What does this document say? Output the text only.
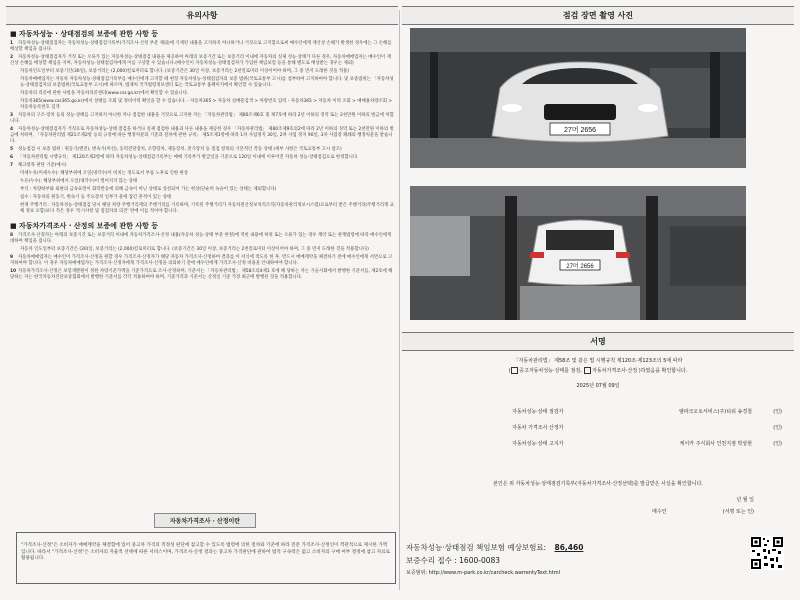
유의사항
■ 자동차성능 · 상태점검의 보증에 관한 사항 등
1 자동차성능·상태점검자는 자동차성능·상태점검기록부(가격조사·산정 부분 제외)에 기재된 내용을 고지하지 아니하거나 거짓으로 고지함으로써 매수인에게 재산상 손해가 발생한 경우에는 그 손해를 배상할 책임을 집니다.
2 자동차성능·상태점검자가 거짓 또는 오류가 있는 자동차성능·상태점검 내용을 제공하여 아래의 보증기간 또는 보증거리 이내에 자동차의 실제 성능·상태가 다른 경우, 자동차매매업자는 매수인이 재산상 손해를 배상할 책임을 지며, 자동차성능·상태점검자에게 이를 구상할 수 있습니다.(매수인이 자동차성능·상태점검자가 가입한 책임보험 등을 통해 별도로 배상받는 경우는 제외)
자동차인도일부터 보증기간(30일), 보증거리는 (2,000)킬로미터로 합니다. (보증기간은 30일 이상, 보증거리는 2천킬로미터 이상이어야 하며, 그 중 먼저 도래한 것을 적용)
자동차매매업자는 자동차 자동차성능·상태점검기록부를 매수인에게 고지할 때 현장 자동차성능·상태점검자의 보증 범위(국토교통부 고시)를 첨부하여 고지하여야 합니다. 및 보증범위는 「자동차성능·상태점검자의 보증범위(국토교통부 고시)에 따르며, 법제처 국가법령정보센터 또는 국토교통부 홈페이지에서 확인할 수 있습니다.
자동차의 리콜에 관한 사항을 자동차리콜센터(www.car.go.kr)에서 확인할 수 있습니다.
자동차365(www.car365.go.kr)에서 상태를 조회 및 정비이력 확인을 할 수 있습니다. - 자동차365 > 자동차 실매물검색 > 차량번호 입력 - 자동차365 > 자동차 이력 조회 > 매매용차량조회 > 자동차등록번호 검색
3 자동차의 구조·장치 등의 성능·상태를 고지하지 아니한 자나 점검한 내용을 거짓으로 고지한 자는 「자동차관리법」 제80조제6호 및 제7호에 따라 2년 이하의 징역 또는 2천만원 이하의 벌금에 처합니다.
4 자동차성능·상태점검자가 거짓으로 자동차성능·상태 점검을 하거나 실제 점검한 내용과 다른 내용을 제공한 경우 「자동차관리법」 제80조제9호의2에 따라 2년 이하의 징역 또는 2천만원 이하의 벌금에 처하며, 「자동차관리법 제21조제2항 등의 규정에 따른 행정처분의 기준과 절차에 관한 규칙」 제5조제1항에 따라 1차 사업정지 30일, 2차 사업 정지 90일, 3차 사업장 폐쇄의 행정처분을 받습니다.
5 성능점검 시 보증 범위 : 원동기(엔진), 변속기(미션), 동력전달장치, 조향장치, 제동장치, 전기장치 등 점검 항목의 기본적인 작동 상태 (세부 사항은 국토교통부 고시 참조)
6 「자동차관리법 시행규칙」 제120조제2항에 따라 자동차성능·상태점검기록부는 매매 기록부가 발급일을 기준으로 120일 이내에 이루어진 자동차 성능·상태점검으로 한정합니다.
7 체크항목 판단 기준(예시)
미세누유(미세누수): 해당부위에 오일(냉각수)이 비치는 정도로서 부품 노후로 인한 현상
누유(누수): 해당부위에서 오일(냉각수)이 떨어지지 않는 상태
부식 : 차량하부와 외판의 금속표면이 화학반응에 의해 금속이 아닌 상태로 상실되어 가는 현상(단순히 녹슬어 있는 상태는 제외합니다)
침수 : 자동차의 원동기, 변속기 등 주요장치 일부가 물에 잠긴 흔적이 있는 상태
현재 주행거리 : 자동차성능·상태점검 당시 해당 차량 주행거리계의 주행거리를 기록하며, 기록된 주행거리가 자동차전산정보처리조직(자동차관리정보시스템)으로부터 받은 주행거리(주행거리계 교체 정보 포함)보다 적은 경우 '특기사항 및 점검자의 의견' 란에 이를 적어야 합니다.
■ 자동차가격조사 · 산정의 보증에 관한 사항 등
8 가격조사·산정자는 아래의 보증기간 또는 보증거리 이내에 자동차가격조사·산정 내용(자동차 성능·상태 부분 한정)에 적힌 내용에 허위 또는 오류가 있는 경우 계약 또는 관계법령에 따라 매수인에게 대하여 책임을 집니다.
자동차 인도일부터 보증기간은 (30)일, 보증거리는 (2,000)킬로미터로 합니다. (보증기간은 30일 이상, 보증거리는 2천킬로미터 이상이어야 하며, 그 중 먼저 도래한 것을 적용합니다)
9 자동차매매업자는 매수인이 가격조사·산정을 원할 경우 가격조사·산정자가 해당 자동차 가격조사·산정하여 결과를 이 서식에 적도록 한 후, 반드시 매매계약을 체결하기 전에 매수인에게 서면으로 고지하여야 합니다. 이 경우 자동차매매업자는 가격조사·산정자에게 가격조사·산정을 의뢰하기 전에 매수인에게 가격조사·산정 비용을 안내하여야 합니다.
10 자동차가격조사·산정은 보험개발원이 정한 차량기준가액을 기준가격으로 조사·산정하며, 기준서는 「자동차관리법」 제58조의4제1 호에 해 당하는 자는 기술사회에서 발행한 기준서를, 제2호에 해당하는 자는 한국자동차진단보증협회에서 발행한 기준서를 각각 적용하여야 하며, 기준가격과 기준서는 산정일 기준 가장 최근에 발행된 것을 적용합니다.
자동차가격조사 · 산정이란
"가격조사·산정"은 소비자가 매매계약을 체결함에 있어 중고차 가격의 적정성 판단에 참고할 수 있도록 법령에 의한 절차와 기준에 따라 전문 가격조사·산정인이 객관적으로 제시한 가액입니다. 따라서 "가격조사·산정"은 소비자의 자율적 선택에 따른 서비스이며, 가격조사·산정 결과는 중고차 가격판단에 관하여 법적 구속력은 없고 소비자의 구매 여부 결정에 참고 자료로 활용됩니다.
점검 장면 촬영 사진
27머 2656
27머 2656
서명
「자동차관리법」 제58조 및 같은 법 시행규칙 제120조·제123조의 5에 따라
( 중고자동차성능·상태를 점검, 자동차가격조사·산정 )하였음을 확인합니다.
2025년 07월 09일
자동차성능·상태 점검자	엠파크오토서비스(주)티워 송경철	(인)
자동차 가격조사 산정자	(인)
자동차성능·상태 고지자	케이카 주식회사 인천지점 박상현	(인)
본인은 위 자동차성능·상태점검기록부(자동차가격조사·산정선택)를 발급받은 사실을 확인합니다.
년 월 일
매수인	(서명 또는 인)
자동차성능·상태점검 책임보험 예상보험료: 86,460
보증수리 접수 : 1600-0083
보증범위: http://www.m-park.co.kr/carcheck.warrentyText.html
